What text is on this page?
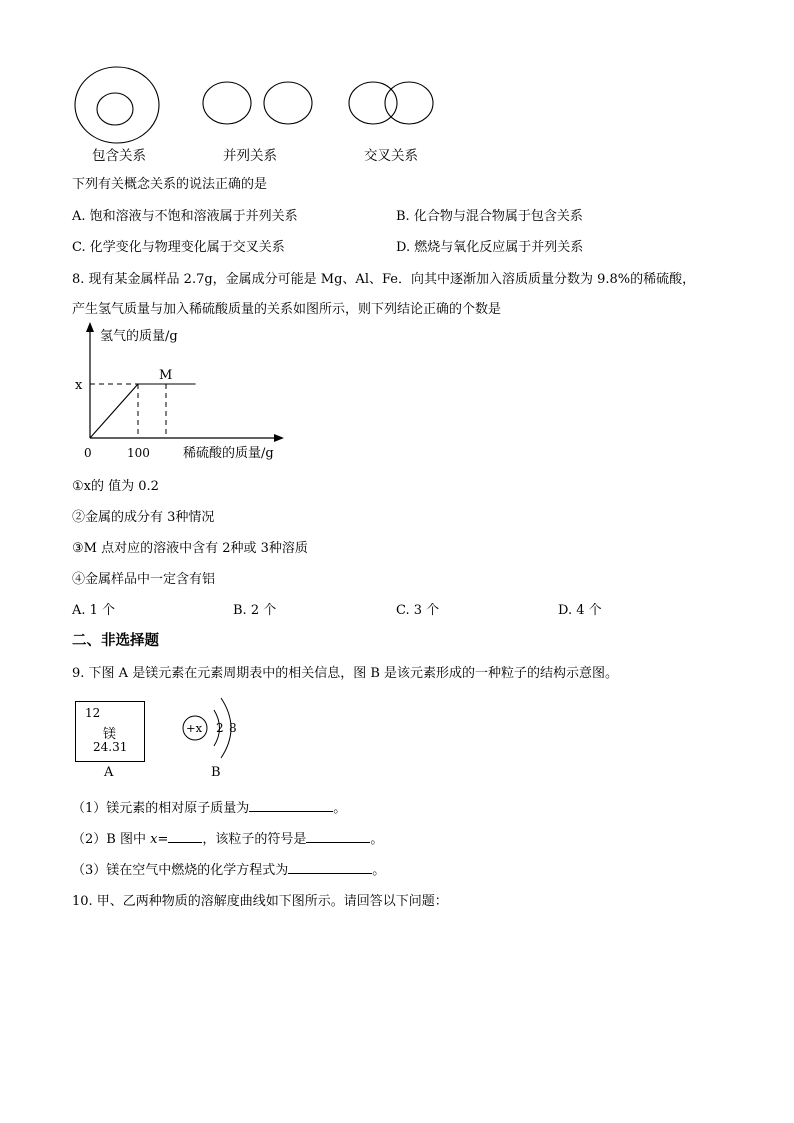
包含关系	并列关系	交叉关系
下列有关概念关系的说法正确的是
A. 饱和溶液与不饱和溶液属于并列关系	B. 化合物与混合物属于包含关系
C. 化学变化与物理变化属于交叉关系	D. 燃烧与氧化反应属于并列关系
8. 现有某金属样品 2.7g，金属成分可能是 Mg、Al、Fe．向其中逐渐加入溶质质量分数为 9.8%的稀硫酸，
产生氢气质量与加入稀硫酸质量的关系如图所示，则下列结论正确的个数是
氢气的质量/g
稀硫酸的质量/g
0	100
x
M
①x的 值为 0.2
②金属的成分有 3种情况
③M 点对应的溶液中含有 2种或 3种溶质
④金属样品中一定含有铝
A. 1 个	B. 2 个	C. 3 个	D. 4 个
二、非选择题
9. 下图 A 是镁元素在元素周期表中的相关信息，图 B 是该元素形成的一种粒子的结构示意图。
12
镁
24.31
A
+x 2 8
B
（1）镁元素的相对原子质量为	。
（2）B 图中 x=	，该粒子的符号是	。
（3）镁在空气中燃烧的化学方程式为	。
10. 甲、乙两种物质的溶解度曲线如下图所示。请回答以下问题：
